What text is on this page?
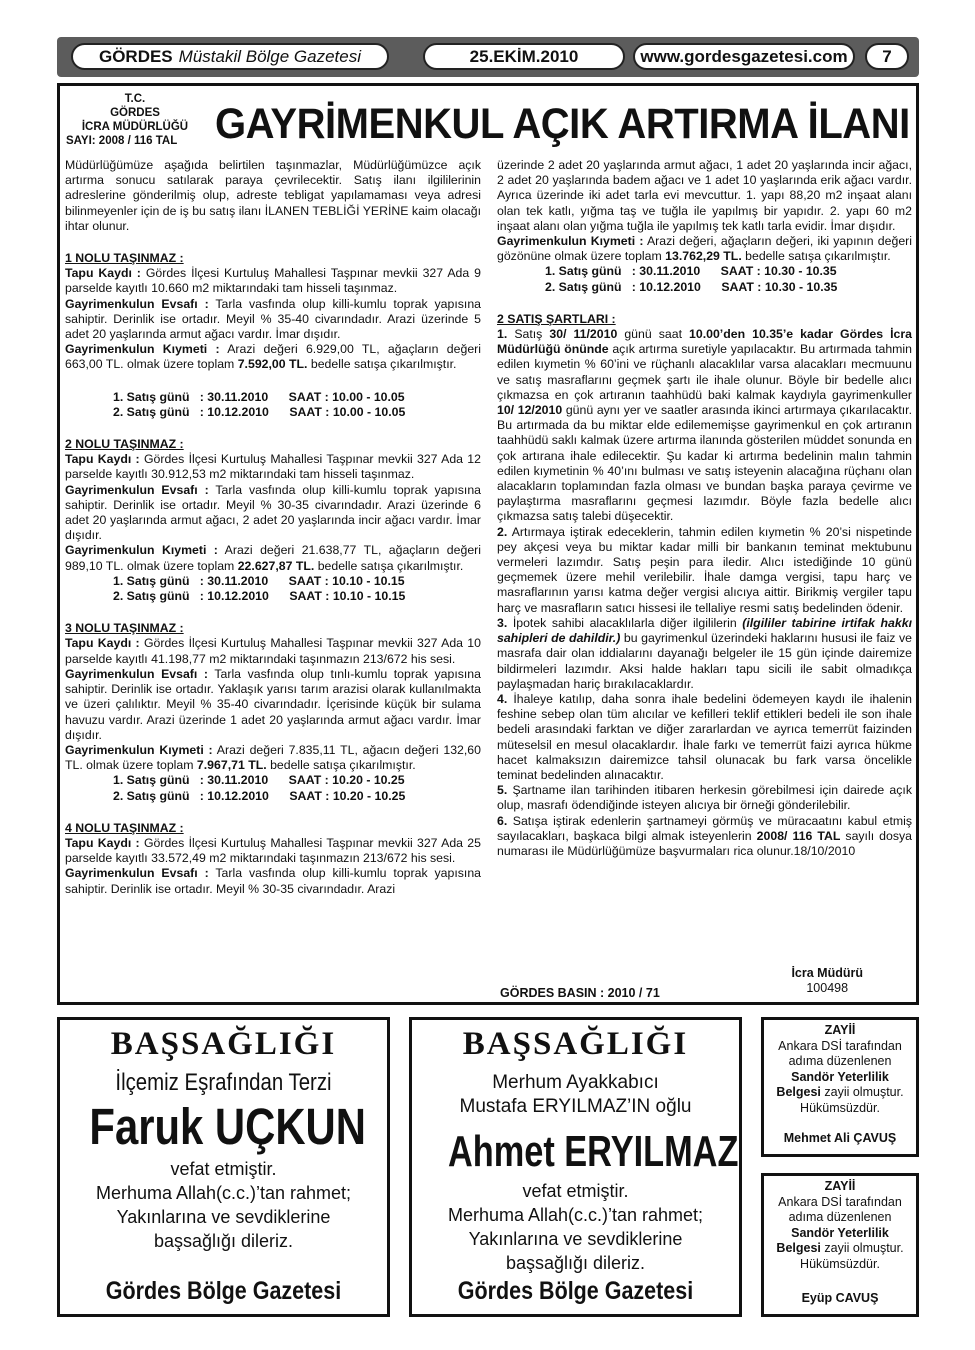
GÖRDES Müstakil Bölge Gazetesi	25.EKİM.2010	www.gordesgazetesi.com	7
T.C.
GÖRDES
İCRA MÜDÜRLÜĞÜ
SAYI: 2008 / 116 TAL GAYRİMENKUL AÇIK ARTIRMA İLANI

Müdürlüğümüze aşağıda belirtilen taşınmazlar, Müdürlüğümüzce açık artırma sonucu satılarak paraya çevrilecektir. Satış ilanı ilgililerinin adreslerine gönderilmiş olup, adreste tebligat yapılamaması veya adresi bilinmeyenler için de iş bu satış ilanı İLANEN TEBLİĞİ YERİNE kaim olacağı ihtar olunur.

1 NOLU TAŞINMAZ :

Tapu Kaydı : Gördes İlçesi Kurtuluş Mahallesi Taşpınar mevkii 327 Ada 9 parselde kayıtlı 10.660 m2 miktarındaki tam hisseli taşınmaz.

Gayrimenkulun Evsafı : Tarla vasfında olup killi-kumlu toprak yapısına sahiptir. Derinlik ise ortadır. Meyil % 35-40 civarındadır. Arazi üzerinde 5 adet 20 yaşlarında armut ağacı vardır. İmar dışıdır.

Gayrimenkulun Kıymeti : Arazi değeri 6.929,00 TL, ağaçların değeri 663,00 TL. olmak üzere toplam 7.592,00 TL. bedelle satışa çıkarılmıştır.

1. Satış günü   : 30.11.2010      SAAT : 10.00 - 10.05

2. Satış günü   : 10.12.2010      SAAT : 10.00 - 10.05

2 NOLU TAŞINMAZ :

Tapu Kaydı : Gördes İlçesi Kurtuluş Mahallesi Taşpınar mevkii 327 Ada 12 parselde kayıtlı 30.912,53 m2 miktarındaki tam hisseli taşınmaz.

Gayrimenkulun Evsafı : Tarla vasfında olup killi-kumlu toprak yapısına sahiptir. Derinlik ise ortadır. Meyil % 30-35 civarındadır. Arazi üzerinde 6 adet 20 yaşlarında armut ağacı, 2 adet 20 yaşlarında incir ağacı vardır. İmar dışıdır.

Gayrimenkulun Kıymeti : Arazi değeri 21.638,77 TL, ağaçların değeri 989,10 TL. olmak üzere toplam 22.627,87 TL. bedelle satışa çıkarılmıştır.

1. Satış günü   : 30.11.2010      SAAT : 10.10 - 10.15

2. Satış günü   : 10.12.2010      SAAT : 10.10 - 10.15

3 NOLU TAŞINMAZ :

Tapu Kaydı : Gördes İlçesi Kurtuluş Mahallesi Taşpınar mevkii 327 Ada 10 parselde kayıtlı 41.198,77 m2 miktarındaki taşınmazın 213/672 his sesi.

Gayrimenkulun Evsafı : Tarla vasfında olup tınlı-kumlu toprak yapısına sahiptir. Derinlik ise ortadır. Yaklaşık yarısı tarım arazisi olarak kullanılmakta ve üzeri çalılıktır. Meyil % 35-40 civarındadır. İçerisinde küçük bir sulama havuzu vardır. Arazi üzerinde 1 adet 20 yaşlarında armut ağacı vardır. İmar dışıdır.

Gayrimenkulun Kıymeti : Arazi değeri 7.835,11 TL, ağacın değeri 132,60 TL. olmak üzere toplam 7.967,71 TL. bedelle satışa çıkarılmıştır.

1. Satış günü   : 30.11.2010      SAAT : 10.20 - 10.25

2. Satış günü   : 10.12.2010      SAAT : 10.20 - 10.25

4 NOLU TAŞINMAZ :

Tapu Kaydı : Gördes İlçesi Kurtuluş Mahallesi Taşpınar mevkii 327 Ada 25 parselde kayıtlı 33.572,49 m2 miktarındaki taşınmazın 213/672 his sesi.

Gayrimenkulun Evsafı : Tarla vasfında olup killi-kumlu toprak yapısına sahiptir. Derinlik ise ortadır. Meyil % 30-35 civarındadır. Arazi

üzerinde 2 adet 20 yaşlarında armut ağacı, 1 adet 20 yaşlarında incir ağacı, 2 adet 20 yaşlarında badem ağacı ve 1 adet 10 yaşlarında erik ağacı vardır. Ayrıca üzerinde iki adet tarla evi mevcuttur. 1. yapı 88,20 m2 inşaat alanı olan tek katlı, yığma taş ve tuğla ile yapılmış bir yapıdır. 2. yapı 60 m2 inşaat alanı olan yığma tuğla ile yapılmış tek katlı tarla evidir. İmar dışıdır.

Gayrimenkulun Kıymeti : Arazi değeri, ağaçların değeri, iki yapının değeri gözönüne olmak üzere toplam 13.762,29 TL. bedelle satışa çıkarılmıştır.

1. Satış günü   : 30.11.2010      SAAT : 10.30 - 10.35

2. Satış günü   : 10.12.2010      SAAT : 10.30 - 10.35

2 SATIŞ ŞARTLARI :

1. Satış 30/ 11/2010 günü saat 10.00’den 10.35’e kadar Gördes İcra Müdürlüğü önünde açık artırma suretiyle yapılacaktır. Bu artırmada tahmin edilen kıymetin % 60’ini ve rüçhanlı alacaklılar varsa alacakları mecmuunu ve satış masraflarını geçmek şartı ile ihale olunur. Böyle bir bedelle alıcı çıkmazsa en çok artıranın taahhüdü baki kalmak kaydıyla gayrimenkuller 10/ 12/2010 günü aynı yer ve saatler arasında ikinci artırmaya çıkarılacaktır. Bu artırmada da bu miktar elde edilememişse gayrimenkul en çok artıranın taahhüdü saklı kalmak üzere artırma ilanında gösterilen müddet sonunda en çok artırana ihale edilecektir. Şu kadar ki artırma bedelinin malın tahmin edilen kıymetinin % 40’ını bulması ve satış isteyenin alacağına rüçhanı olan alacakların toplamından fazla olması ve bundan başka paraya çevirme ve paylaştırma masraflarını geçmesi lazımdır. Böyle fazla bedelle alıcı çıkmazsa satış talebi düşecektir.

2. Artırmaya iştirak edeceklerin, tahmin edilen kıymetin % 20’si nispetinde pey akçesi veya bu miktar kadar milli bir bankanın teminat mektubunu vermeleri lazımdır. Satış peşin para iledir. Alıcı istediğinde 10 günü geçmemek üzere mehil verilebilir. İhale damga vergisi, tapu harç ve masraflarının yarısı katma değer vergisi alıcıya aittir. Birikmiş vergiler tapu harç ve masrafların satıcı hissesi ile tellaliye resmi satış bedelinden ödenir.

3. İpotek sahibi alacaklılarla diğer ilgililerin (ilgililer tabirine irtifak hakkı sahipleri de dahildir.) bu gayrimenkul üzerindeki haklarını hususi ile faiz ve masrafa dair olan iddialarını dayanağı belgeler ile 15 gün içinde dairemize bildirmeleri lazımdır. Aksi halde hakları tapu sicili ile sabit olmadıkça paylaşmadan hariç bırakılacaklardır.

4. İhaleye katılıp, daha sonra ihale bedelini ödemeyen kaydı ile ihalenin feshine sebep olan tüm alıcılar ve kefilleri teklif ettikleri bedeli ile son ihale bedeli arasındaki farktan ve diğer zararlardan ve ayrıca temerrüt faizinden müteselsil en mesul olacaklardır. İhale farkı ve temerrüt faizi ayrıca hükme hacet kalmaksızın dairemizce tahsil olunacak bu fark varsa öncelikle teminat bedelinden alınacaktır.

5. Şartname ilan tarihinden itibaren herkesin görebilmesi için dairede açık olup, masrafı ödendiğinde isteyen alıcıya bir örneği gönderilebilir.

6. Satışa iştirak edenlerin şartnameyi görmüş ve müracaatını kabul etmiş sayılacakları, başkaca bilgi almak isteyenlerin 2008/ 116 TAL sayılı dosya numarası ile Müdürlüğümüze başvurmaları rica olunur.18/10/2010

GÖRDES BASIN : 2010 / 71
İcra Müdürü
100498
BAŞSAĞLIĞI
İlçemiz Eşrafından Terzi
Faruk UÇKUN
vefat etmiştir.
Merhuma Allah(c.c.)’tan rahmet;
Yakınlarına ve sevdiklerine
başsağlığı dileriz.
Gördes Bölge Gazetesi
BAŞSAĞLIĞI
Merhum Ayakkabıcı
Mustafa ERYILMAZ’IN oğlu
Ahmet ERYILMAZ
vefat etmiştir.
Merhuma Allah(c.c.)’tan rahmet;
Yakınlarına ve sevdiklerine
başsağlığı dileriz.
Gördes Bölge Gazetesi
ZAYİİ
Ankara DSİ tarafından
adıma düzenlenen
Sandör Yeterlilik
Belgesi zayii olmuştur.
Hükümsüzdür.
Mehmet Ali ÇAVUŞ
ZAYİİ
Ankara DSİ tarafından
adıma düzenlenen
Sandör Yeterlilik
Belgesi zayii olmuştur.
Hükümsüzdür.
Eyüp CAVUŞ
